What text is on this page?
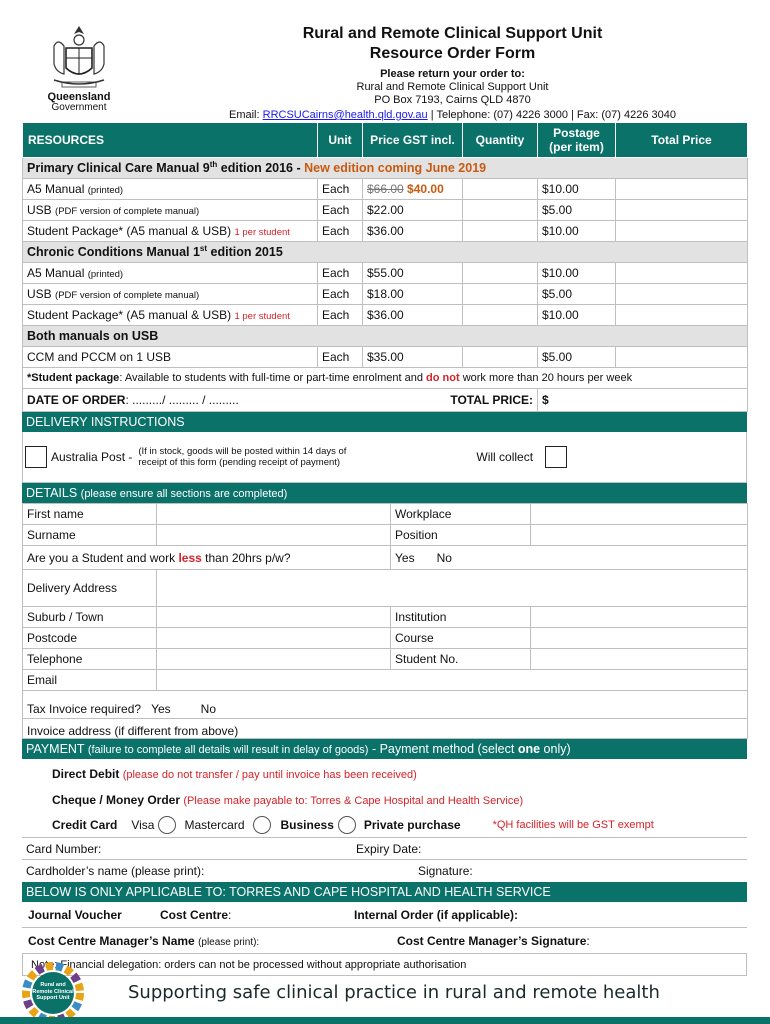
Queensland
Government
Rural and Remote Clinical Support Unit
Resource Order Form
Please return your order to:
Rural and Remote Clinical Support Unit
PO Box 7193, Cairns QLD 4870
Email: RRCSUCairns@health.qld.gov.au | Telephone: (07) 4226 3000 | Fax: (07) 4226 3040
RESOURCES	Unit	Price GST incl.	Quantity	Postage (per item)	Total Price
Primary Clinical Care Manual 9th edition 2016 - New edition coming June 2019					
A5 Manual (printed)	Each	$66.00 $40.00		$10.00	
USB (PDF version of complete manual)	Each	$22.00		$5.00	
Student Package* (A5 manual & USB) 1 per student	Each	$36.00		$10.00	
Chronic Conditions Manual 1st edition 2015					
A5 Manual (printed)	Each	$55.00		$10.00	
USB (PDF version of complete manual)	Each	$18.00		$5.00	
Student Package* (A5 manual & USB) 1 per student	Each	$36.00		$10.00	
Both manuals on USB					
CCM and PCCM on 1 USB	Each	$35.00		$5.00	
*Student package: Available to students with full-time or part-time enrolment and do not work more than 20 hours per week					
DATE OF ORDER: ........./ ......... / ......... TOTAL PRICE:				$	
DELIVERY INSTRUCTIONS
Australia Post - (If in stock, goods will be posted within 14 days of
receipt of this form (pending receipt of payment)	Will collect
DETAILS (please ensure all sections are completed)
First name		Workplace	
Surname		Position	
Are you a Student and work less than 20hrs p/w?		Yes No	
Delivery Address			
Suburb / Town		Institution	
Postcode		Course	
Telephone		Student No.	
Email			
Tax Invoice required? Yes No			
Invoice address (if different from above)			
PAYMENT (failure to complete all details will result in delay of goods) - Payment method (select one only)
Direct Debit (please do not transfer / pay until invoice has been received)
Cheque / Money Order (Please make payable to: Torres & Cape Hospital and Health Service)
Credit Card Visa	Mastercard	Business	Private purchase	*QH facilities will be GST exempt
Card Number:	Expiry Date:
Cardholder’s name (please print):	Signature:
BELOW IS ONLY APPLICABLE TO: TORRES AND CAPE HOSPITAL AND HEALTH SERVICE
Journal Voucher	Cost Centre:	Internal Order (if applicable):
Cost Centre Manager’s Name (please print):	Cost Centre Manager’s Signature:
Note: Financial delegation: orders can not be processed without appropriate authorisation
Rural and
Remote Clinical
Support Unit	Supporting safe clinical practice in rural and remote health
